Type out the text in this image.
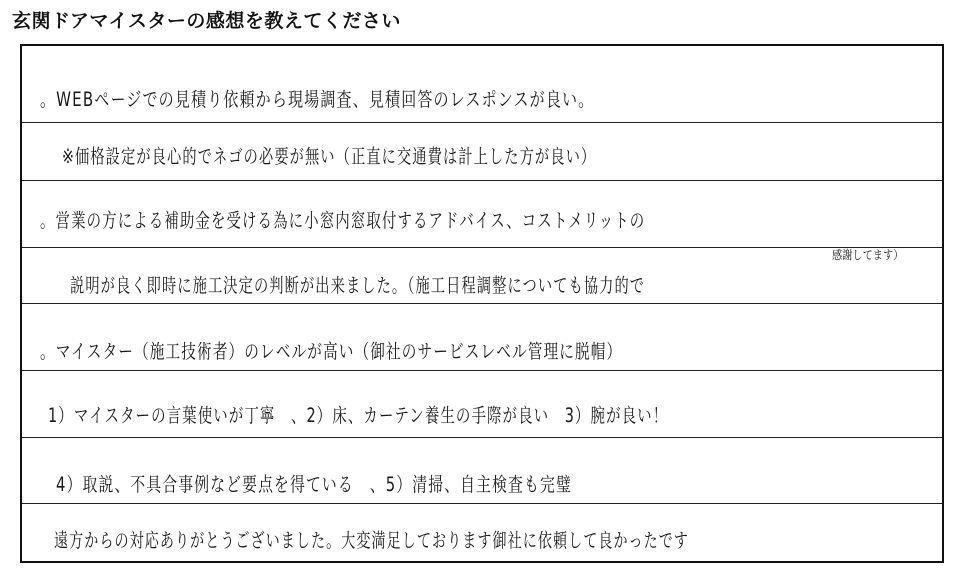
玄関ドアマイスターの感想を教えてください
。WEBページでの見積り依頼から現場調査、見積回答のレスポンスが良い。
※価格設定が良心的でネゴの必要が無い（正直に交通費は計上した方が良い）
。営業の方による補助金を受ける為に小窓内窓取付するアドバイス、コストメリットの
感謝してます）
説明が良く即時に施工決定の判断が出来ました。（施工日程調整についても協力的で
。マイスター（施工技術者）のレベルが高い（御社のサービスレベル管理に脱帽）
1）マイスターの言葉使いが丁寧　、2）床、カーテン養生の手際が良い　3）腕が良い！
4）取説、不具合事例など要点を得ている　、5）清掃、自主検査も完璧
遠方からの対応ありがとうございました。大変満足しております御社に依頼して良かったです
